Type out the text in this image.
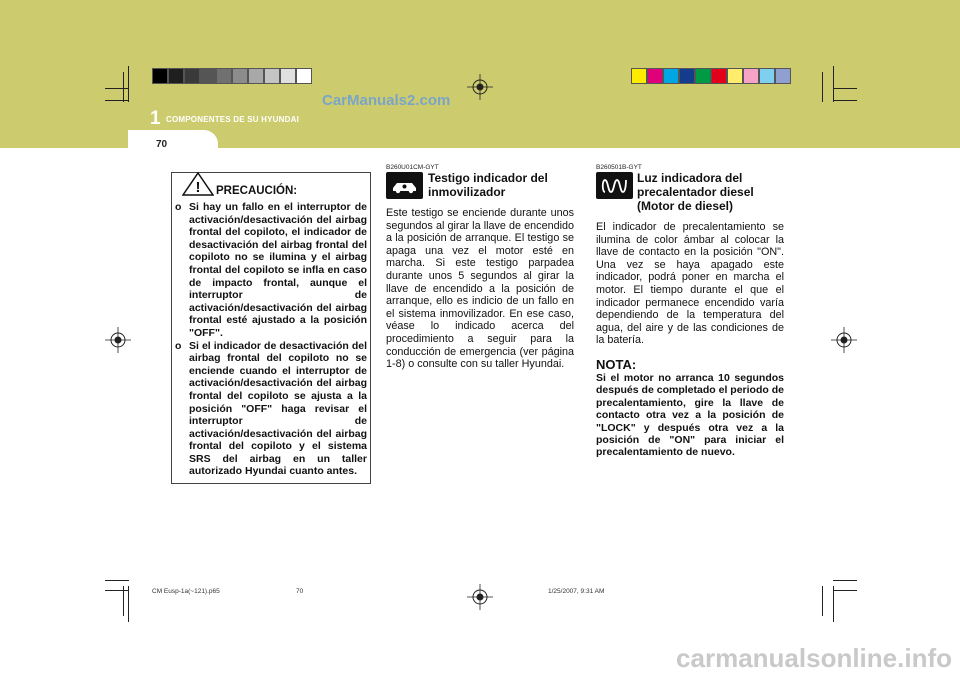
1 COMPONENTES DE SU HYUNDAI
CarManuals2.com
70
! PRECAUCIÓN:

o Si hay un fallo en el interruptor de activación/desactivación del airbag frontal del copiloto, el indicador de desactivación del airbag frontal del copiloto no se ilumina y el airbag frontal del copiloto se infla en caso de impacto frontal, aunque el interruptor de activación/desactivación del airbag frontal esté ajustado a la posición "OFF".

o Si el indicador de desactivación del airbag frontal del copiloto no se enciende cuando el interruptor de activación/desactivación del airbag frontal del copiloto se ajusta a la posición "OFF" haga revisar el interruptor de activación/desactivación del airbag frontal del copiloto y el sistema SRS del airbag en un taller autorizado Hyundai cuanto antes.

B260U01CM-GYT
Testigo indicador del
inmovilizador
Este testigo se enciende durante unos segundos al girar la llave de encendido a la posición de arranque. El testigo se apaga una vez el motor esté en marcha. Si este testigo parpadea durante unos 5 segundos al girar la llave de encendido a la posición de arranque, ello es indicio de un fallo en el sistema inmovilizador. En ese caso, véase lo indicado acerca del procedimiento a seguir para la conducción de emergencia (ver página 1-8) o consulte con su taller Hyundai.
B260501B-GYT
Luz indicadora del
precalentador diesel
(Motor de diesel)
El indicador de precalentamiento se ilumina de color ámbar al colocar la llave de contacto en la posición "ON". Una vez se haya apagado este indicador, podrá poner en marcha el motor. El tiempo durante el que el indicador permanece encendido varía dependiendo de la temperatura del agua, del aire y de las condiciones de la batería.
NOTA:
Si el motor no arranca 10 segundos después de completado el periodo de precalentamiento, gire la llave de contacto otra vez a la posición de "LOCK" y después otra vez a la posición de "ON" para iniciar el precalentamiento de nuevo.
CM Eusp-1a(~121).p65	70	1/25/2007, 9:31 AM
carmanualsonline.info
